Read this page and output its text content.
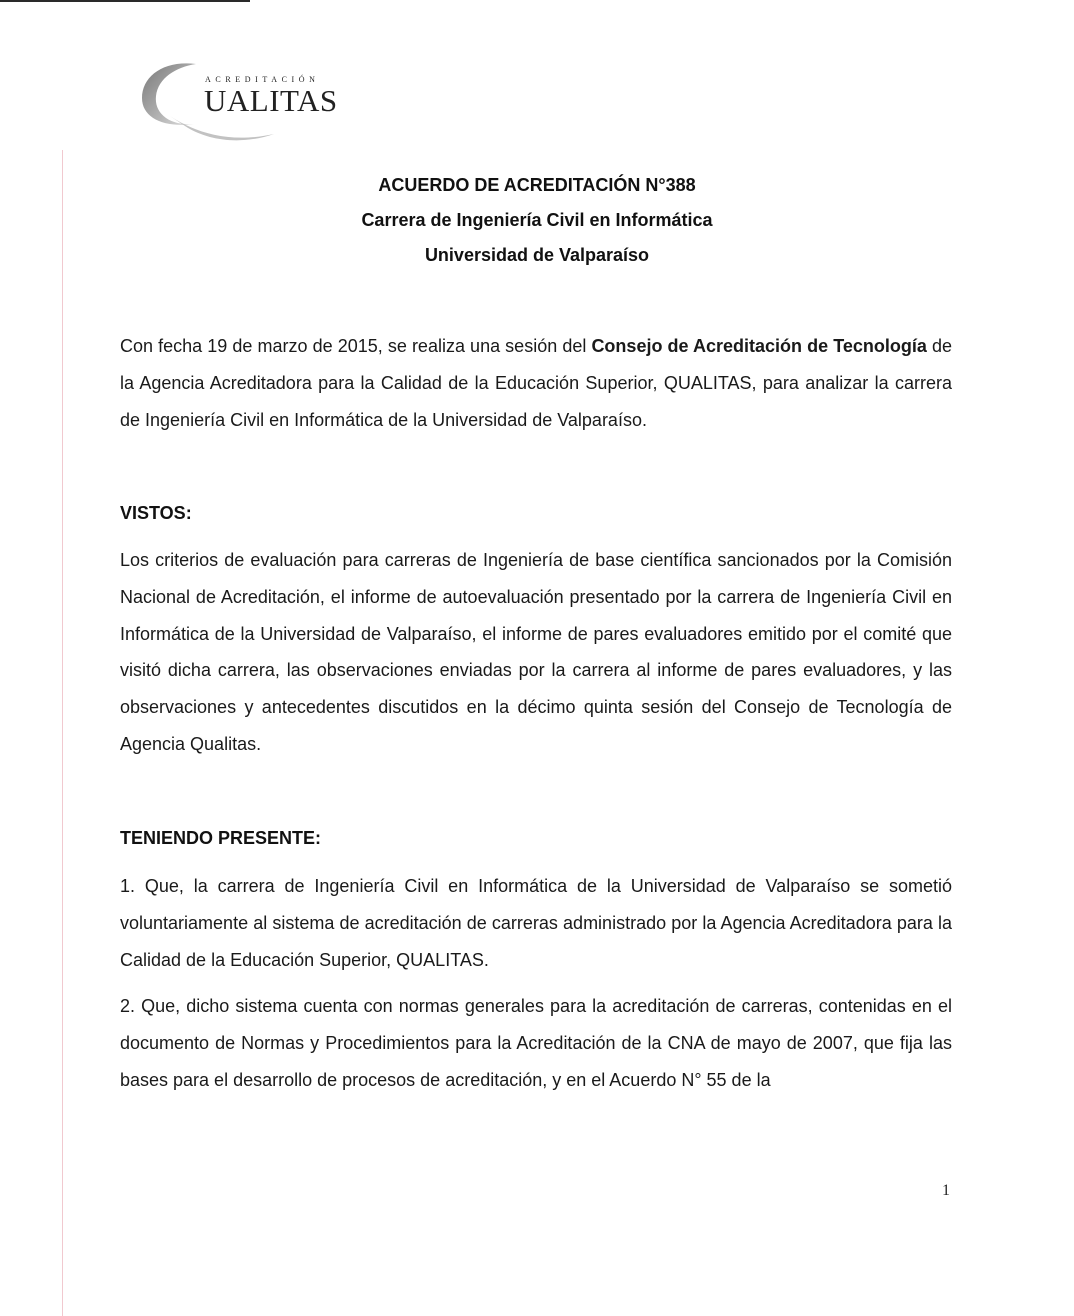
ACREDITACIÓN
UALITAS
ACUERDO DE ACREDITACIÓN N°388
Carrera de Ingeniería Civil en Informática
Universidad de Valparaíso
Con fecha 19 de marzo de 2015, se realiza una sesión del Consejo de Acreditación de Tecnología de la Agencia Acreditadora para la Calidad de la Educación Superior, QUALITAS, para analizar la carrera de Ingeniería Civil en Informática de la Universidad de Valparaíso.
VISTOS:
Los criterios de evaluación para carreras de Ingeniería de base científica sancionados por la Comisión Nacional de Acreditación, el informe de autoevaluación presentado por la carrera de Ingeniería Civil en Informática de la Universidad de Valparaíso, el informe de pares evaluadores emitido por el comité que visitó dicha carrera, las observaciones enviadas por la carrera al informe de pares evaluadores, y las observaciones y antecedentes discutidos en la décimo quinta sesión del Consejo de Tecnología de Agencia Qualitas.
TENIENDO PRESENTE:
1. Que, la carrera de Ingeniería Civil en Informática de la Universidad de Valparaíso se sometió voluntariamente al sistema de acreditación de carreras administrado por la Agencia Acreditadora para la Calidad de la Educación Superior, QUALITAS.
2. Que, dicho sistema cuenta con normas generales para la acreditación de carreras, contenidas en el documento de Normas y Procedimientos para la Acreditación de la CNA de mayo de 2007, que fija las bases para el desarrollo de procesos de acreditación, y en el Acuerdo N° 55 de la
1
